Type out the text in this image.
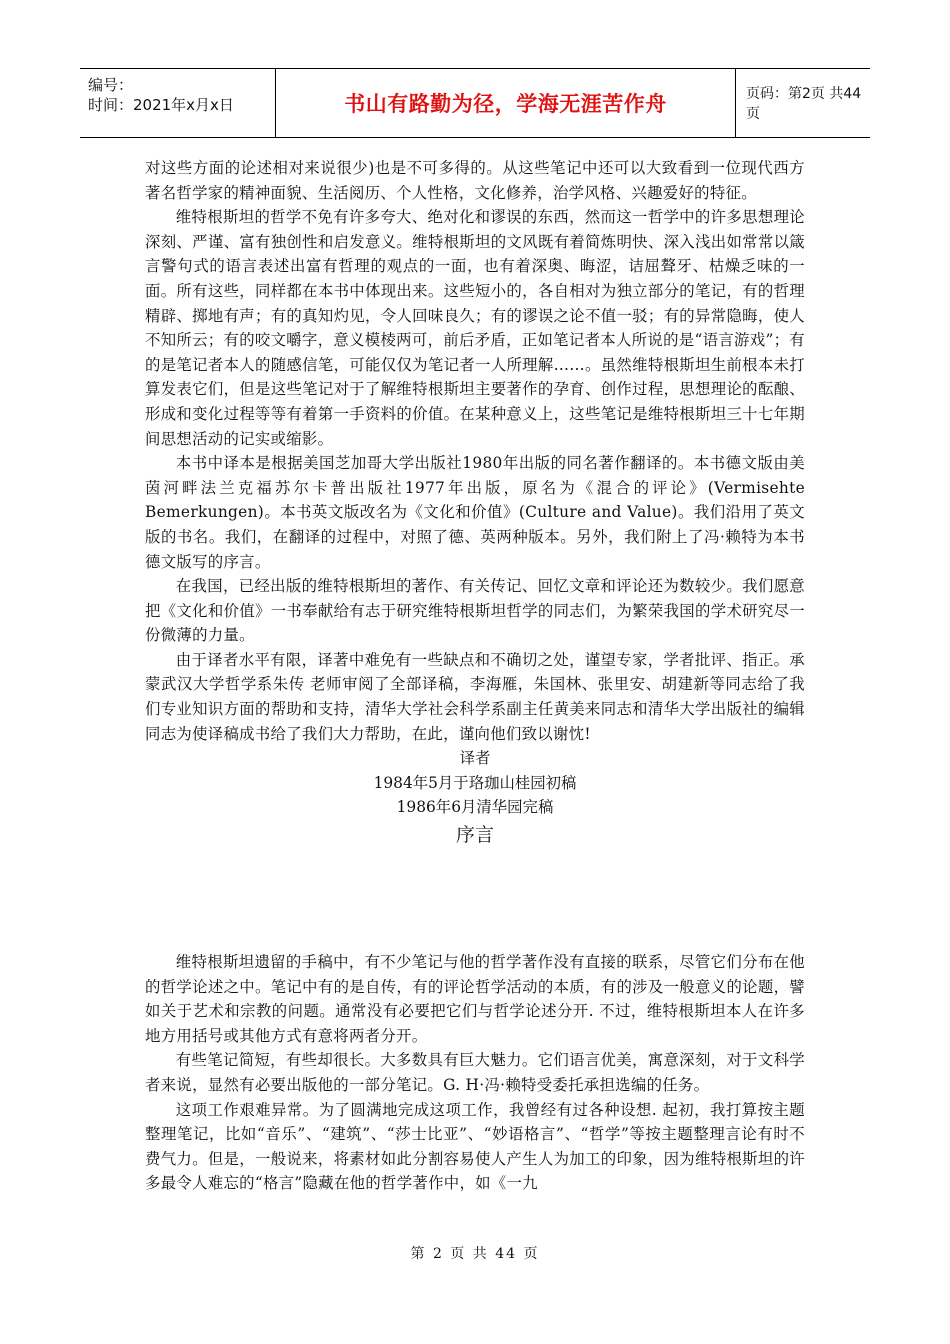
编号：
时间：2021年x月x日	书山有路勤为径，学海无涯苦作舟	页码：第2页 共44页

对这些方面的论述相对来说很少)也是不可多得的。从这些笔记中还可以大致看到一位现代西方著名哲学家的精神面貌、生活阅历、个人性格，文化修养，治学风格、兴趣爱好的特征。

维特根斯坦的哲学不免有许多夸大、绝对化和谬误的东西，然而这一哲学中的许多思想理论深刻、严谨、富有独创性和启发意义。维特根斯坦的文风既有着简炼明快、深入浅出如常常以箴言警句式的语言表述出富有哲理的观点的一面，也有着深奥、晦涩，诘屈聱牙、枯燥乏味的一面。所有这些，同样都在本书中体现出来。这些短小的，各自相对为独立部分的笔记，有的哲理精辟、掷地有声；有的真知灼见，令人回味良久；有的谬误之论不值一驳；有的异常隐晦，使人不知所云；有的咬文嚼字，意义模棱两可，前后矛盾，正如笔记者本人所说的是“语言游戏”；有的是笔记者本人的随感信笔，可能仅仅为笔记者一人所理解……。虽然维特根斯坦生前根本未打算发表它们，但是这些笔记对于了解维特根斯坦主要著作的孕育、创作过程，思想理论的酝酿、形成和变化过程等等有着第一手资料的价值。在某种意义上，这些笔记是维特根斯坦三十七年期间思想活动的记实或缩影。

本书中译本是根据美国芝加哥大学出版社1980年出版的同名著作翻译的。本书德文版由美茵河畔法兰克福苏尔卡普出版社1977年出版，原名为《混合的评论》(Vermisehte Bemerkungen)。本书英文版改名为《文化和价值》(Culture and Value)。我们沿用了英文版的书名。我们，在翻译的过程中，对照了德、英两种版本。另外，我们附上了冯·赖特为本书德文版写的序言。

在我国，已经出版的维特根斯坦的著作、有关传记、回忆文章和评论还为数较少。我们愿意把《文化和价值》一书奉献给有志于研究维特根斯坦哲学的同志们，为繁荣我国的学术研究尽一份微薄的力量。

由于译者水平有限，译著中难免有一些缺点和不确切之处，谨望专家，学者批评、指正。承蒙武汉大学哲学系朱传 老师审阅了全部译稿，李海雁，朱国林、张里安、胡建新等同志给了我们专业知识方面的帮助和支持，清华大学社会科学系副主任黄美来同志和清华大学出版社的编辑同志为使译稿成书给了我们大力帮助，在此，谨向他们致以谢忱!

译者

1984年5月于珞珈山桂园初稿

1986年6月清华园完稿

序言

维特根斯坦遗留的手稿中，有不少笔记与他的哲学著作没有直接的联系，尽管它们分布在他的哲学论述之中。笔记中有的是自传，有的评论哲学活动的本质，有的涉及一般意义的论题，譬如关于艺术和宗教的问题。通常没有必要把它们与哲学论述分开. 不过，维特根斯坦本人在许多地方用括号或其他方式有意将两者分开。

有些笔记简短，有些却很长。大多数具有巨大魅力。它们语言优美，寓意深刻，对于文科学者来说，显然有必要出版他的一部分笔记。G. H·冯·赖特受委托承担选编的任务。

这项工作艰难异常。为了圆满地完成这项工作，我曾经有过各种设想. 起初，我打算按主题整理笔记，比如“音乐”、“建筑”、“莎士比亚”、“妙语格言”、“哲学”等按主题整理言论有时不费气力。但是，一般说来，将素材如此分割容易使人产生人为加工的印象，因为维特根斯坦的许多最令人难忘的“格言”隐藏在他的哲学著作中，如《一九

第 2 页 共 44 页
